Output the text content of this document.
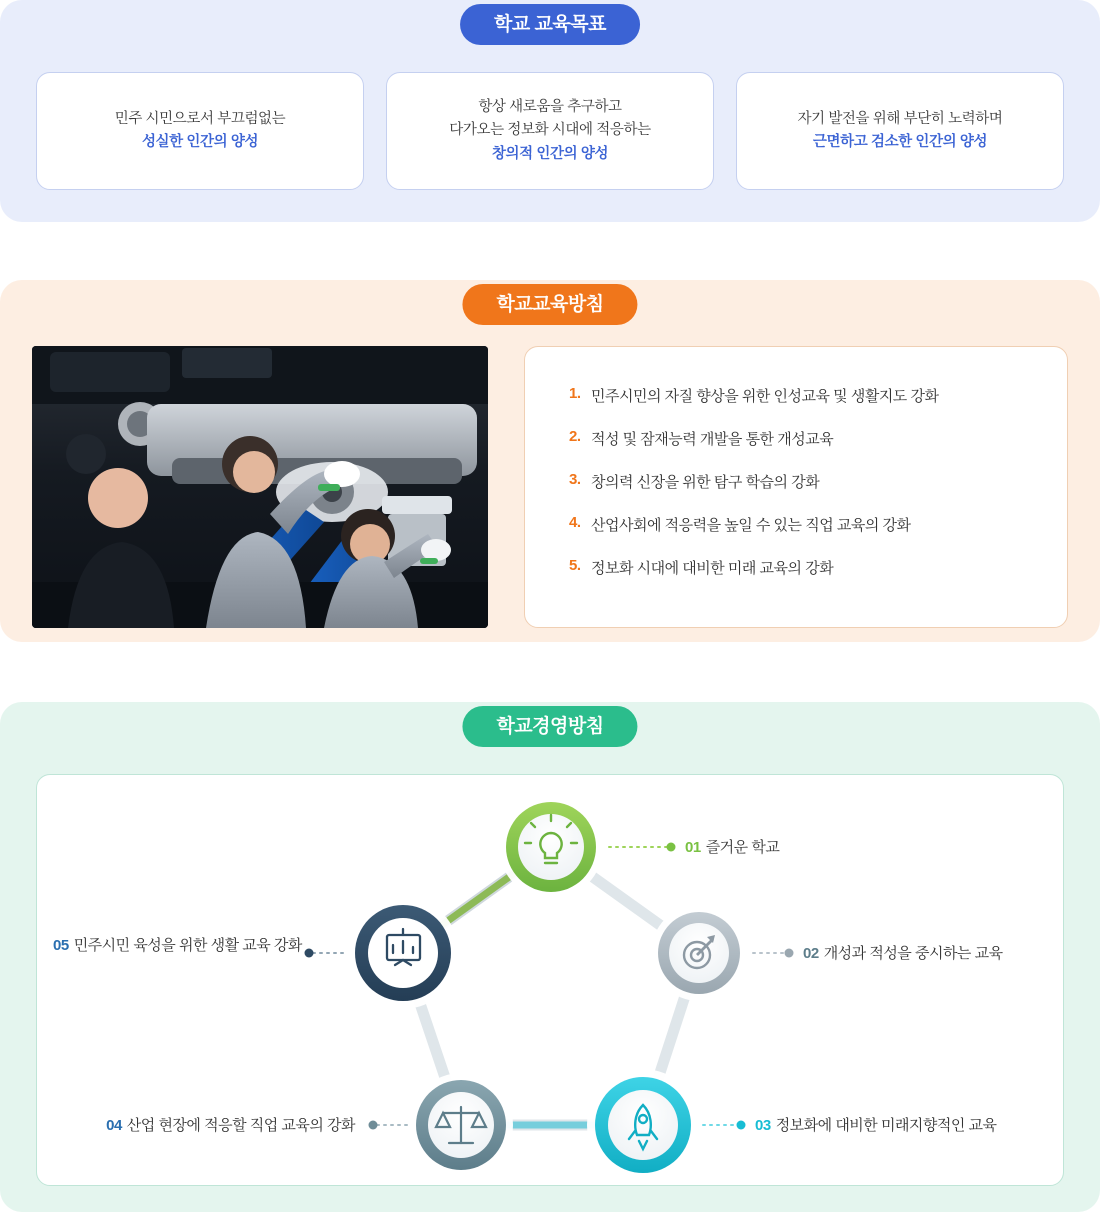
학교 교육목표
민주 시민으로서 부끄럼없는
성실한 인간의 양성
항상 새로움을 추구하고
다가오는 정보화 시대에 적응하는
창의적 인간의 양성
자기 발전을 위해 부단히 노력하며
근면하고 검소한 인간의 양성
학교교육방침
1. 민주시민의 자질 향상을 위한 인성교육 및 생활지도 강화
2. 적성 및 잠재능력 개발을 통한 개성교육
3. 창의력 신장을 위한 탐구 학습의 강화
4. 산업사회에 적응력을 높일 수 있는 직업 교육의 강화
5. 정보화 시대에 대비한 미래 교육의 강화
학교경영방침
01 즐거운 학교
02 개성과 적성을 중시하는 교육
03 정보화에 대비한 미래지향적인 교육
04 산업 현장에 적응할 직업 교육의 강화
05 민주시민 육성을 위한 생활 교육 강화
